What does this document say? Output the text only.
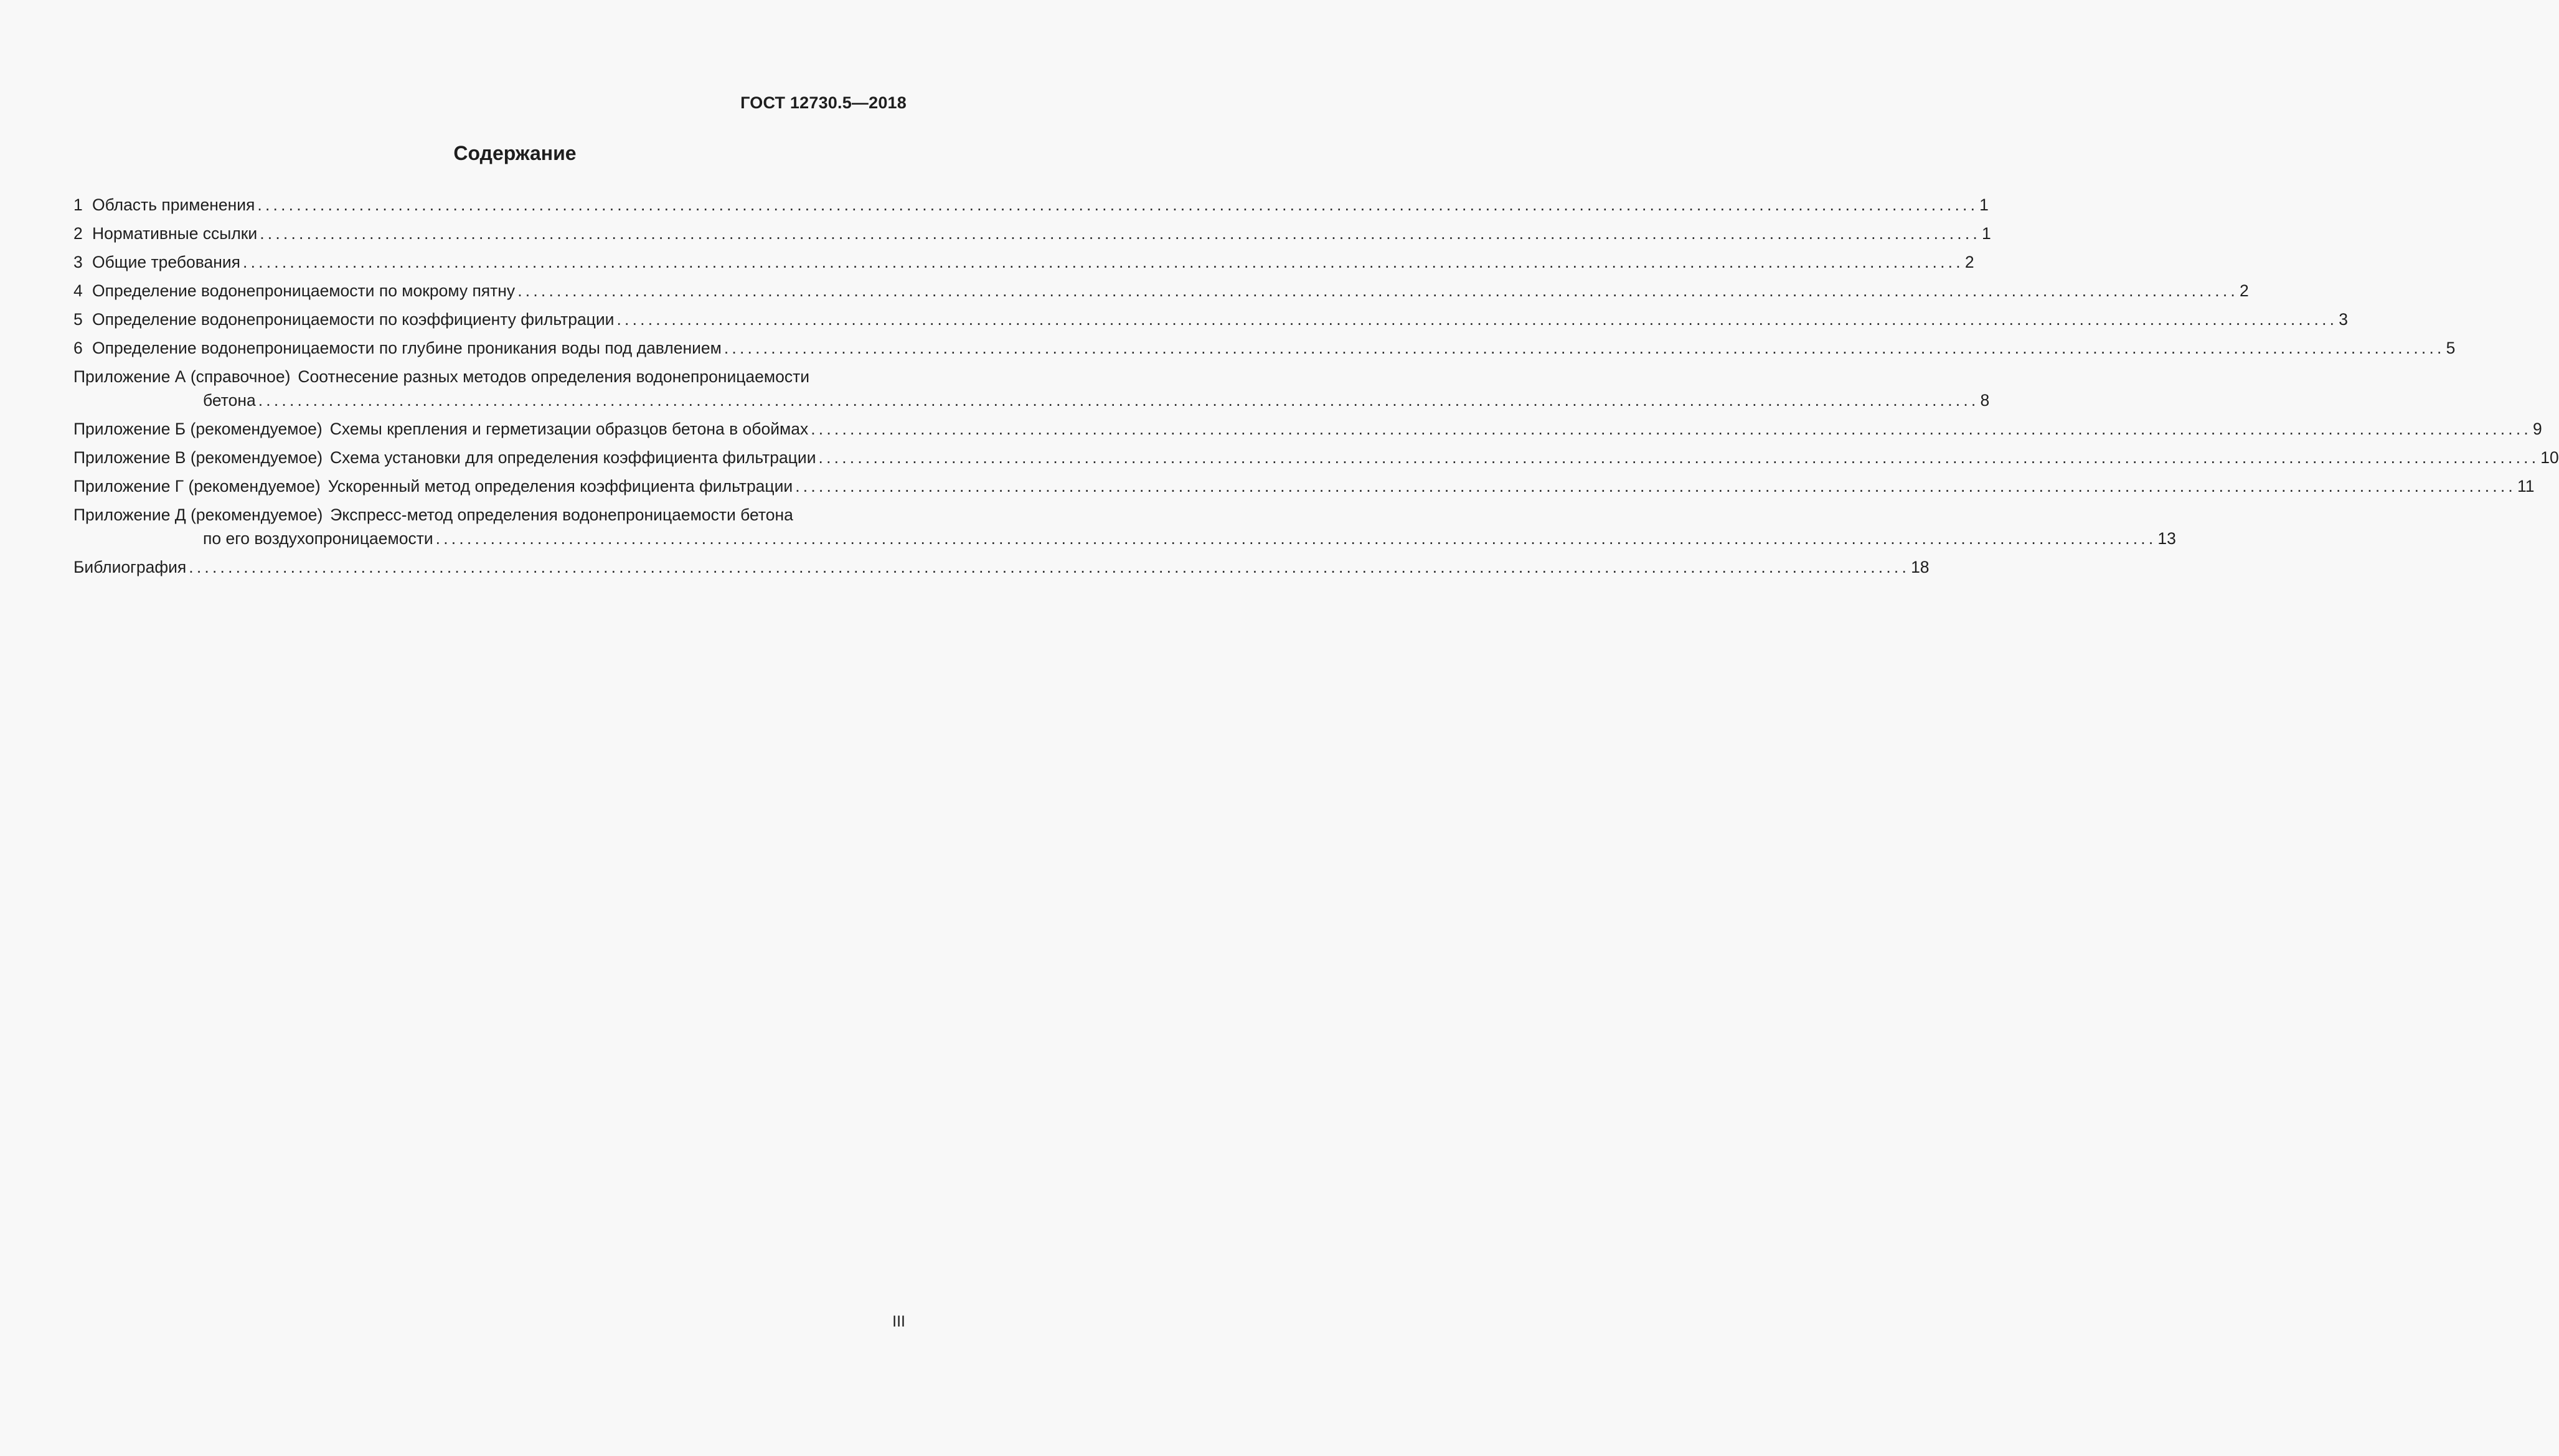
ГОСТ 12730.5—2018
Содержание
1 Область применения ............................................................................................................................................................................................................................ 1
2 Нормативные ссылки ............................................................................................................................................................................................................................ 1
3 Общие требования ............................................................................................................................................................................................................................ 2
4 Определение водонепроницаемости по мокрому пятну ............................................................................................................................................................................................................................ 2
5 Определение водонепроницаемости по коэффициенту фильтрации ............................................................................................................................................................................................................................ 3
6 Определение водонепроницаемости по глубине проникания воды под давлением ............................................................................................................................................................................................................................ 5
Приложение А (справочное) Соотнесение разных методов определения водонепроницаемости
бетона ............................................................................................................................................................................................................................ 8
Приложение Б (рекомендуемое) Схемы крепления и герметизации образцов бетона в обоймах ............................................................................................................................................................................................................................ 9
Приложение В (рекомендуемое) Схема установки для определения коэффициента фильтрации ............................................................................................................................................................................................................................ 10
Приложение Г (рекомендуемое) Ускоренный метод определения коэффициента фильтрации ............................................................................................................................................................................................................................ 11
Приложение Д (рекомендуемое) Экспресс-метод определения водонепроницаемости бетона
по его воздухопроницаемости ............................................................................................................................................................................................................................ 13
Библиография ............................................................................................................................................................................................................................ 18
III
